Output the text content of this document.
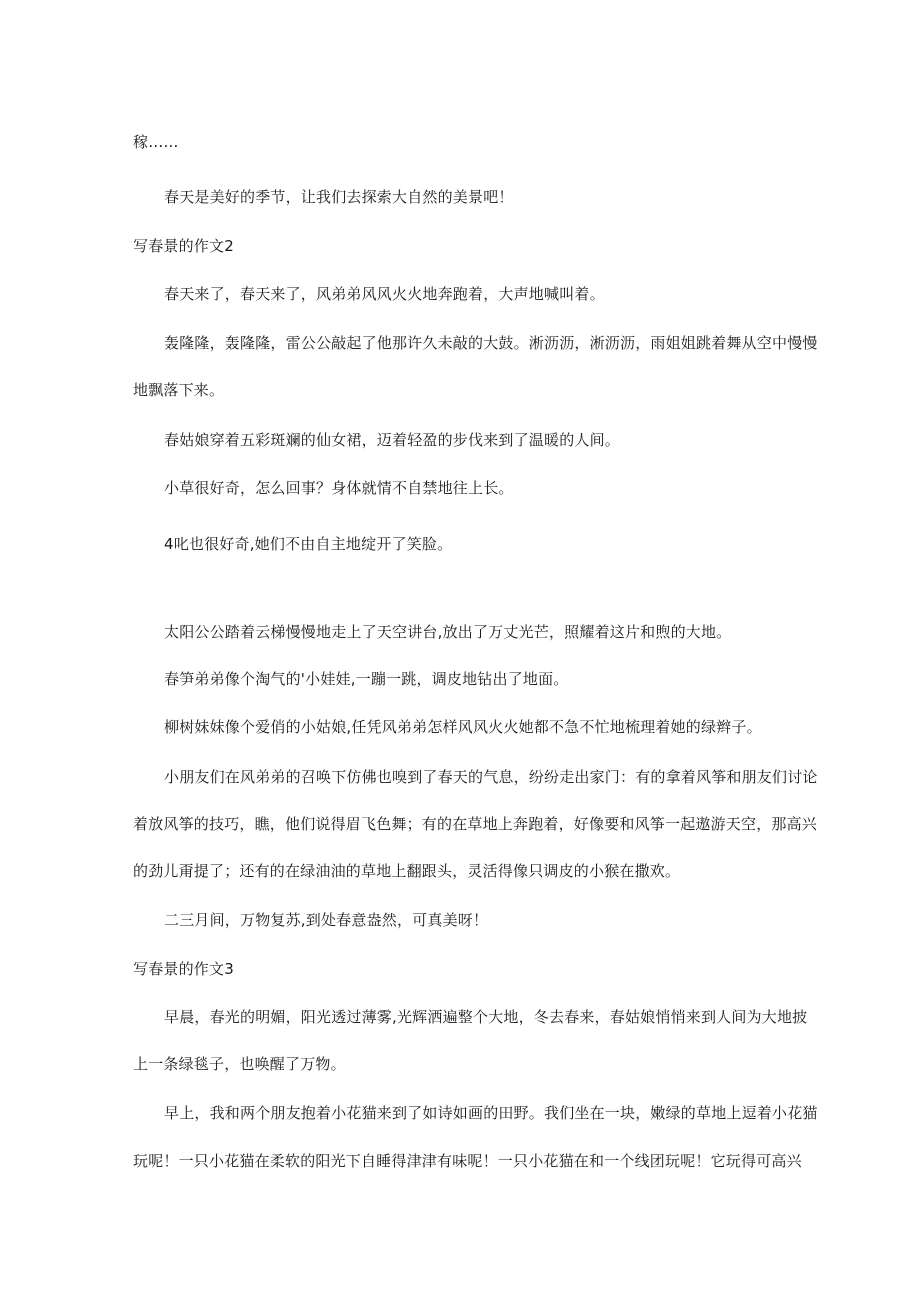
稼……
春天是美好的季节，让我们去探索大自然的美景吧！
写春景的作文2
春天来了，春天来了，风弟弟风风火火地奔跑着，大声地喊叫着。
轰隆隆，轰隆隆，雷公公敲起了他那许久未敲的大鼓。淅沥沥，淅沥沥，雨姐姐跳着舞从空中慢慢
地飘落下来。
春姑娘穿着五彩斑斓的仙女裙，迈着轻盈的步伐来到了温暖的人间。
小草很好奇，怎么回事？身体就情不自禁地往上长。
4叱也很好奇,她们不由自主地绽开了笑脸。
太阳公公踏着云梯慢慢地走上了天空讲台,放出了万丈光芒，照耀着这片和煦的大地。
春笋弟弟像个淘气的'小娃娃,一蹦一跳，调皮地钻出了地面。
柳树妹妹像个爱俏的小姑娘,任凭风弟弟怎样风风火火她都不急不忙地梳理着她的绿辫子。
小朋友们在风弟弟的召唤下仿佛也嗅到了春天的气息，纷纷走出家门：有的拿着风筝和朋友们讨论
着放风筝的技巧，瞧，他们说得眉飞色舞；有的在草地上奔跑着，好像要和风筝一起遨游天空，那高兴
的劲儿甭提了；还有的在绿油油的草地上翻跟头，灵活得像只调皮的小猴在撒欢。
二三月间，万物复苏,到处春意盎然，可真美呀！
写春景的作文3
早晨，春光的明媚，阳光透过薄雾,光辉洒遍整个大地，冬去春来，春姑娘悄悄来到人间为大地披
上一条绿毯子，也唤醒了万物。
早上，我和两个朋友抱着小花猫来到了如诗如画的田野。我们坐在一块，嫩绿的草地上逗着小花猫
玩呢！一只小花猫在柔软的阳光下自睡得津津有味呢！一只小花猫在和一个线团玩呢！它玩得可高兴
